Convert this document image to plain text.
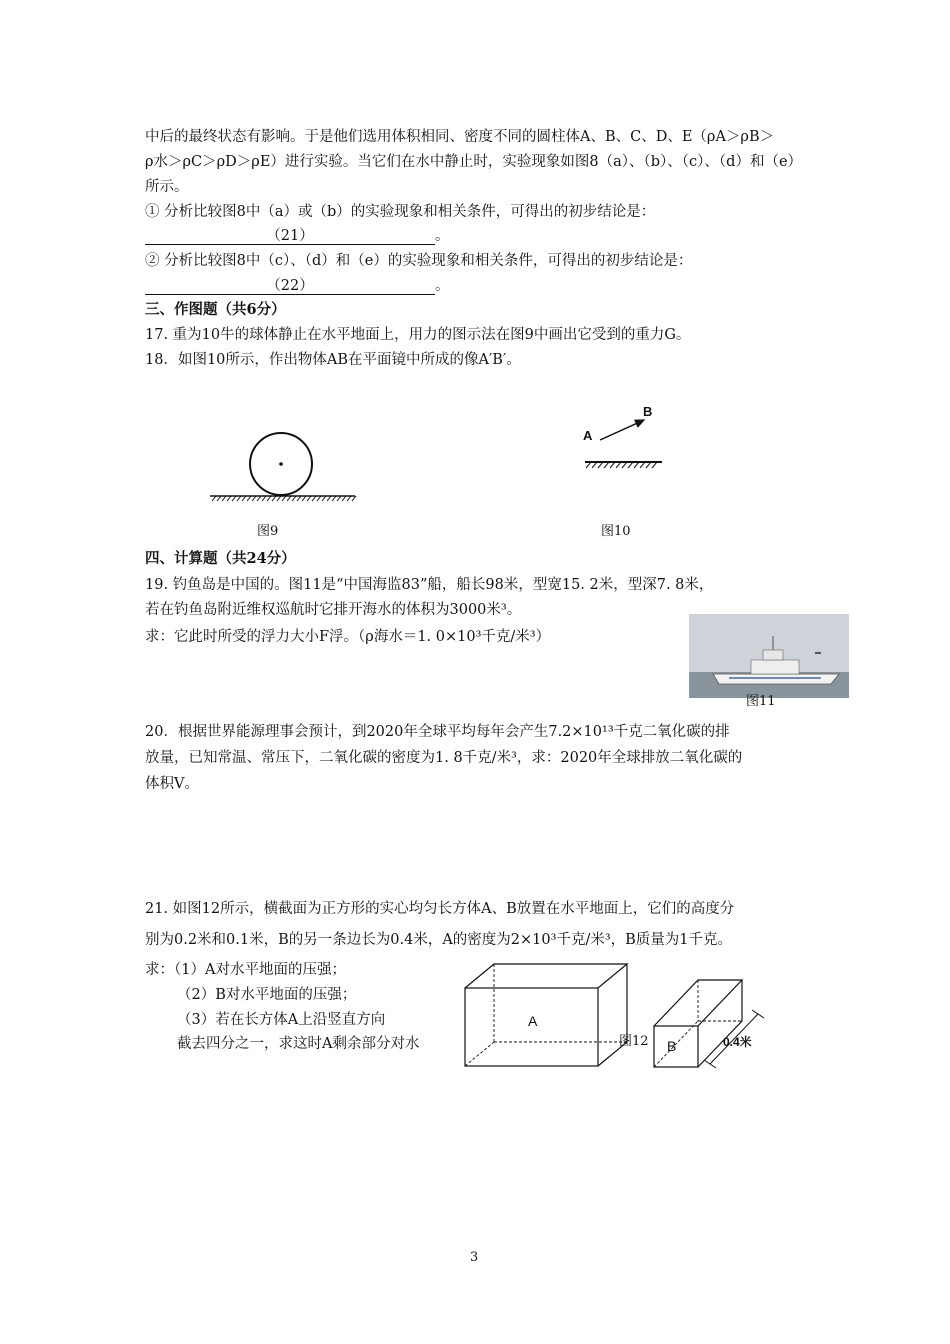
中后的最终状态有影响。于是他们选用体积相同、密度不同的圆柱体A、B、C、D、E（ρA＞ρB＞
ρ水＞ρC＞ρD＞ρE）进行实验。当它们在水中静止时，实验现象如图8（a）、（b）、（c）、（d）和（e）
所示。
① 分析比较图8中（a）或（b）的实验现象和相关条件，可得出的初步结论是：
（21）	。
② 分析比较图8中（c）、（d）和（e）的实验现象和相关条件，可得出的初步结论是：
（22）	。
三、作图题（共6分）
17. 重为10牛的球体静止在水平地面上，用力的图示法在图9中画出它受到的重力G。
18．如图10所示，作出物体AB在平面镜中所成的像A′B′。
图9
A
B
图10
四、计算题（共24分）
19. 钓鱼岛是中国的。图11是“中国海监83”船，船长98米，型宽15. 2米，型深7. 8米，
若在钓鱼岛附近维权巡航时它排开海水的体积为3000米³。
求：它此时所受的浮力大小F浮。（ρ海水＝1. 0×10³千克/米³）
图11
20．根据世界能源理事会预计，到2020年全球平均每年会产生7.2×10¹³千克二氧化碳的排
放量，已知常温、常压下，二氧化碳的密度为1. 8千克/米³，求：2020年全球排放二氧化碳的
体积V。
21. 如图12所示，横截面为正方形的实心均匀长方体A、B放置在水平地面上，它们的高度分
别为0.2米和0.1米，B的另一条边长为0.4米，A的密度为2×10³千克/米³，B质量为1千克。
求：（1）A对水平地面的压强；
（2）B对水平地面的压强；
（3）若在长方体A上沿竖直方向
截去四分之一，求这时A剩余部分对水
A
B	0.4米
图12
3
